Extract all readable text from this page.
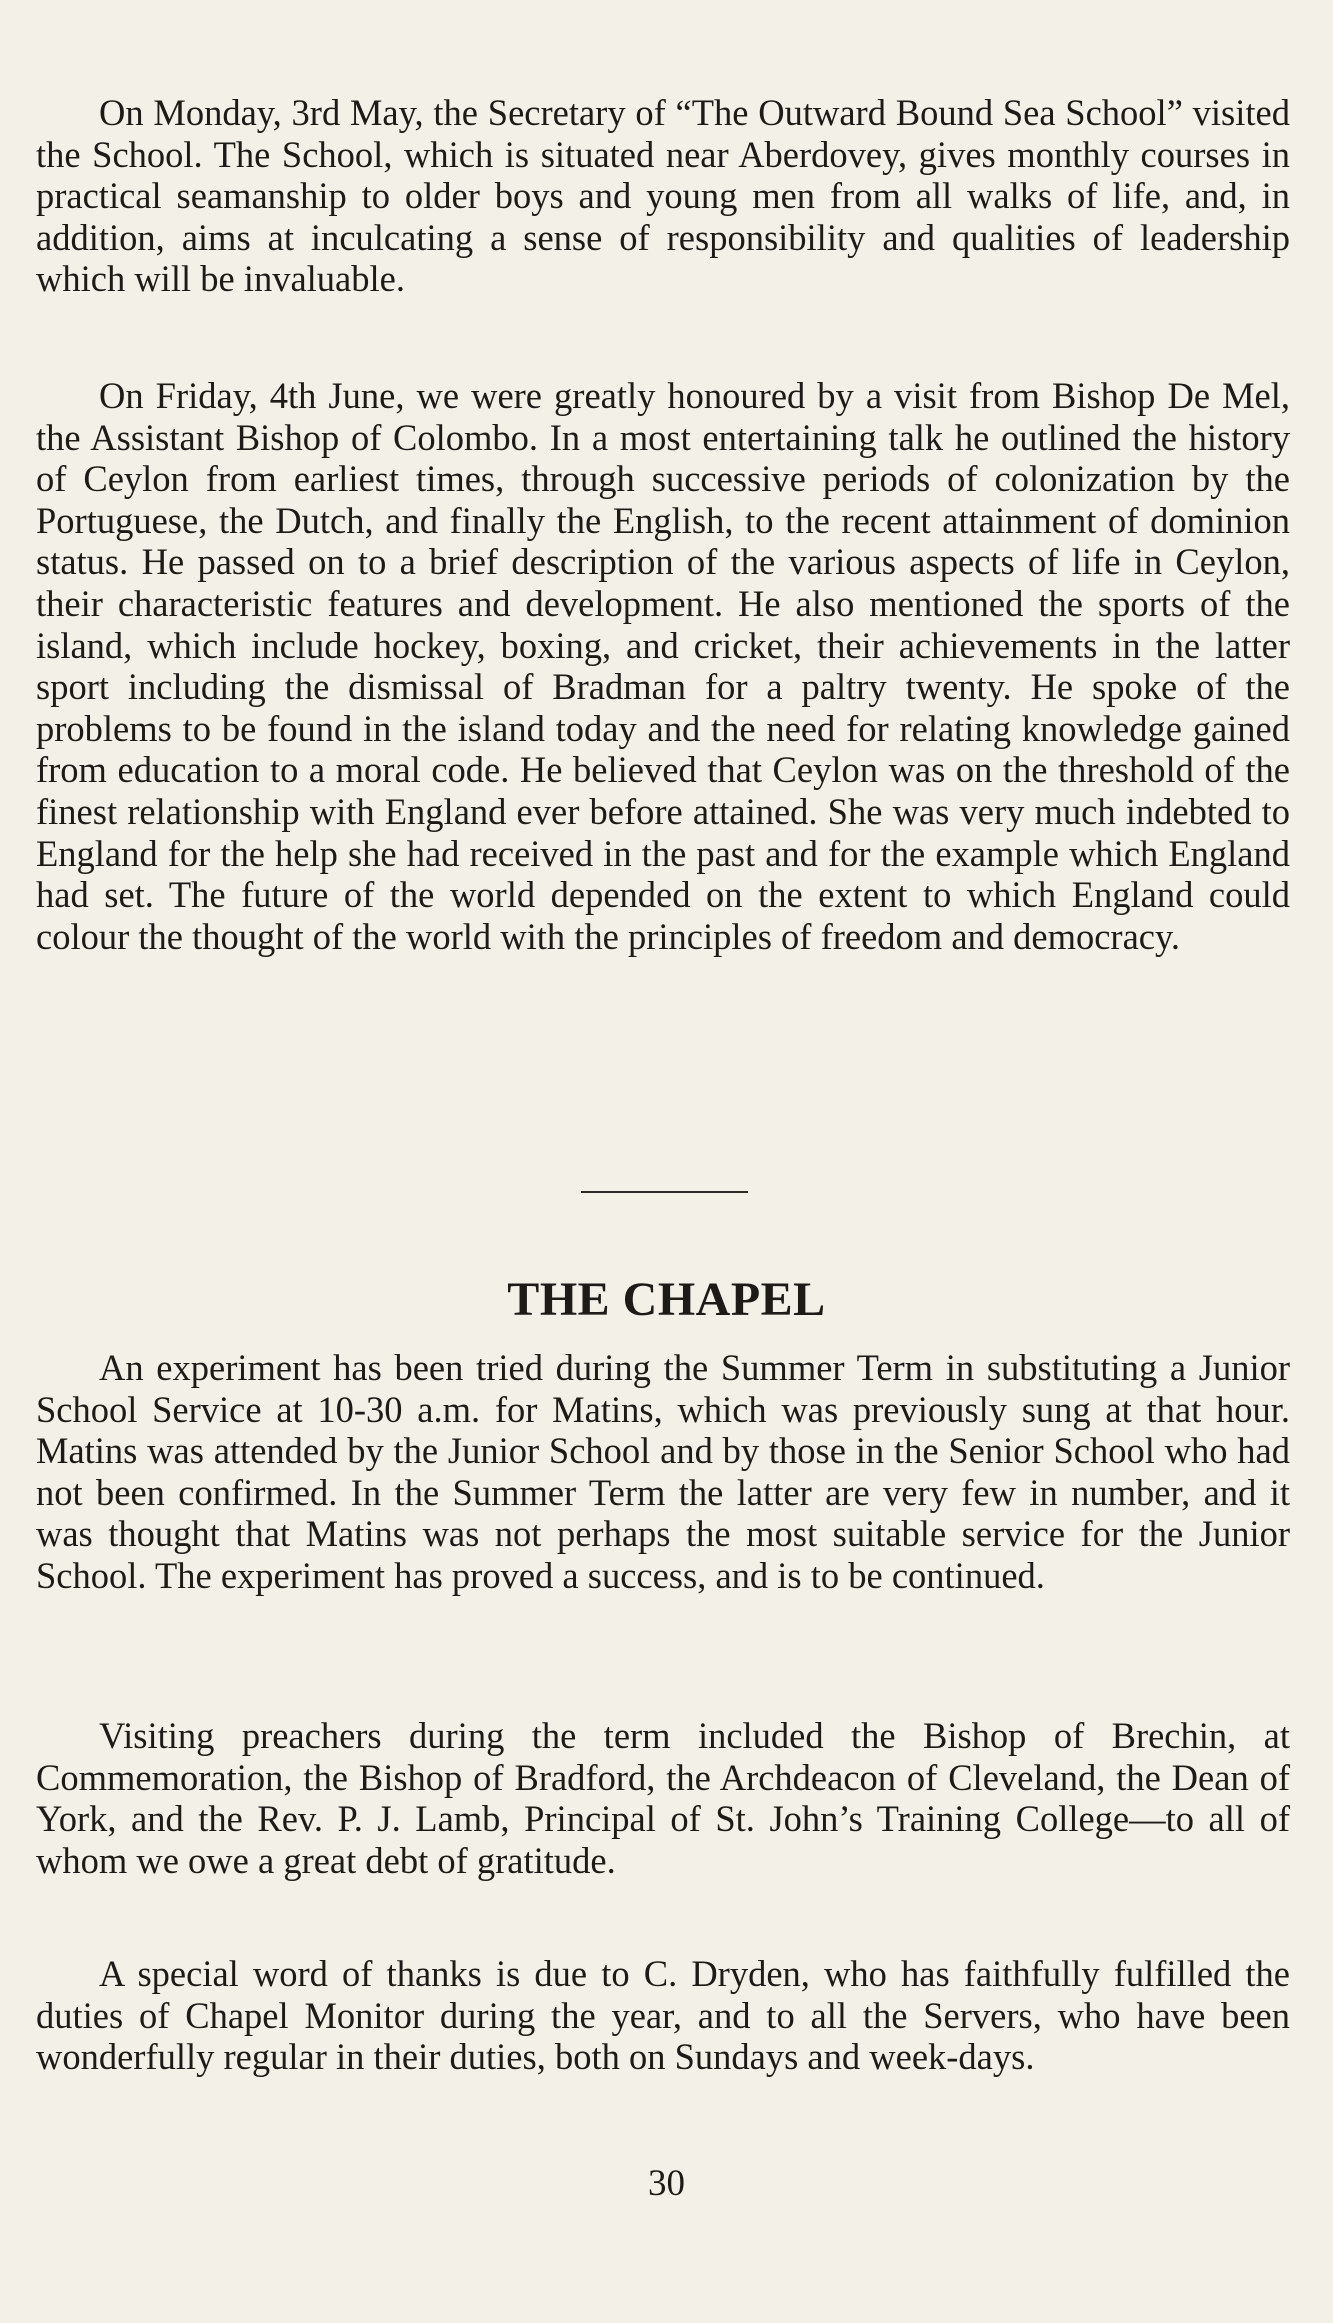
On Monday, 3rd May, the Secretary of “The Outward Bound Sea School” visited the School. The School, which is situated near Aberdovey, gives monthly courses in practical seamanship to older boys and young men from all walks of life, and, in addition, aims at inculcating a sense of responsibility and qualities of leadership which will be invaluable.

On Friday, 4th June, we were greatly honoured by a visit from Bishop De Mel, the Assistant Bishop of Colombo. In a most entertaining talk he outlined the history of Ceylon from earliest times, through successive periods of colonization by the Portuguese, the Dutch, and finally the English, to the recent attainment of dominion status. He passed on to a brief description of the various aspects of life in Ceylon, their characteristic features and development. He also mentioned the sports of the island, which include hockey, boxing, and cricket, their achievements in the latter sport including the dismissal of Bradman for a paltry twenty. He spoke of the problems to be found in the island today and the need for relating knowledge gained from education to a moral code. He believed that Ceylon was on the threshold of the finest relationship with England ever before attained. She was very much indebted to England for the help she had received in the past and for the example which England had set. The future of the world depended on the extent to which England could colour the thought of the world with the principles of freedom and democracy.

THE CHAPEL

An experiment has been tried during the Summer Term in substituting a Junior School Service at 10-30 a.m. for Matins, which was previously sung at that hour. Matins was attended by the Junior School and by those in the Senior School who had not been confirmed. In the Summer Term the latter are very few in number, and it was thought that Matins was not perhaps the most suitable service for the Junior School. The experiment has proved a success, and is to be continued.

Visiting preachers during the term included the Bishop of Brechin, at Commemoration, the Bishop of Bradford, the Archdeacon of Cleveland, the Dean of York, and the Rev. P. J. Lamb, Principal of St. John’s Training College—to all of whom we owe a great debt of gratitude.

A special word of thanks is due to C. Dryden, who has faithfully fulfilled the duties of Chapel Monitor during the year, and to all the Servers, who have been wonderfully regular in their duties, both on Sundays and week-days.

30
